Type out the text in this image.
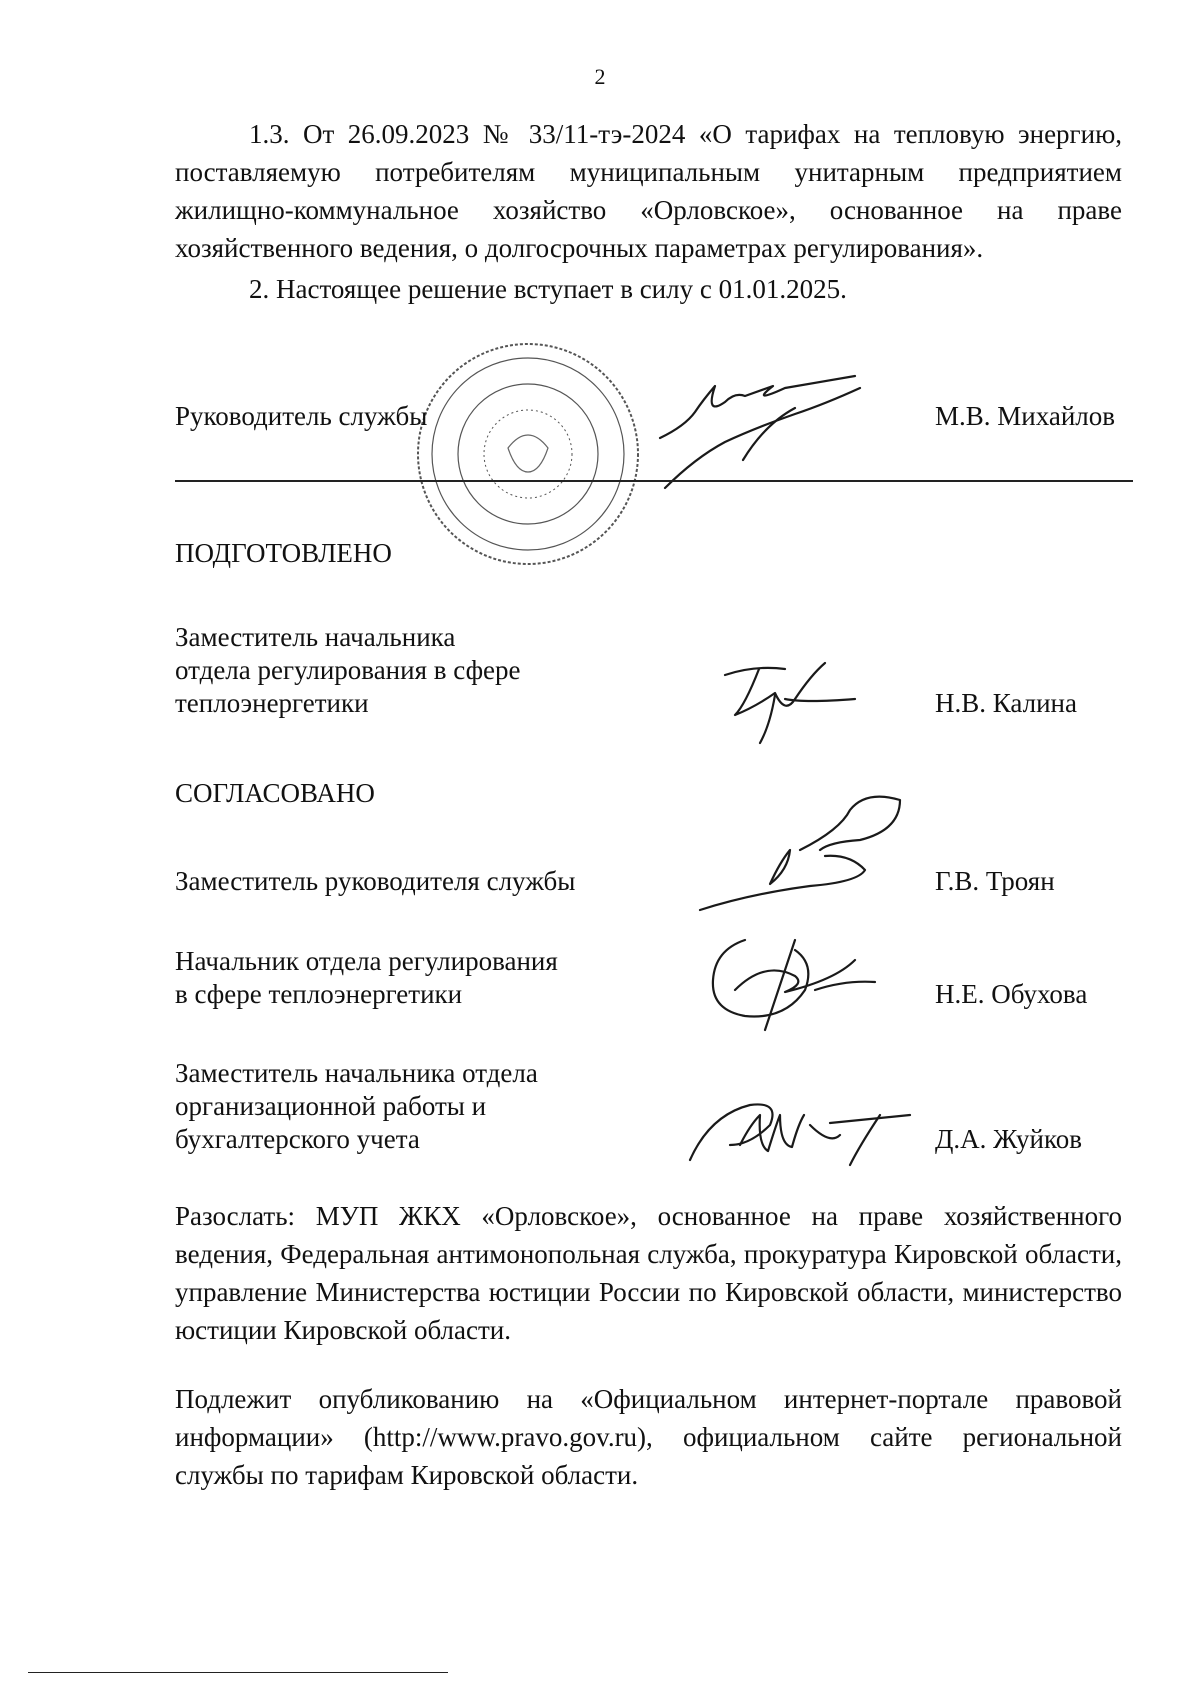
2
1.3. От 26.09.2023 № 33/11-тэ-2024 «О тарифах на тепловую энергию, поставляемую потребителям муниципальным унитарным предприятием жилищно-коммунальное хозяйство «Орловское», основанное на праве хозяйственного ведения, о долгосрочных параметрах регулирования».
2. Настоящее решение вступает в силу с 01.01.2025.
Руководитель службы	М.В. Михайлов
ПОДГОТОВЛЕНО
Заместитель начальника
отдела регулирования в сфере
теплоэнергетики	Н.В. Калина
СОГЛАСОВАНО
Заместитель руководителя службы	Г.В. Троян
Начальник отдела регулирования
в сфере теплоэнергетики	Н.Е. Обухова
Заместитель начальника отдела
организационной работы и
бухгалтерского учета	Д.А. Жуйков
Разослать: МУП ЖКХ «Орловское», основанное на праве хозяйственного ведения, Федеральная антимонопольная служба, прокуратура Кировской области, управление Министерства юстиции России по Кировской области, министерство юстиции Кировской области.
Подлежит опубликованию на «Официальном интернет-портале правовой информации» (http://www.pravo.gov.ru), официальном сайте региональной службы по тарифам Кировской области.
